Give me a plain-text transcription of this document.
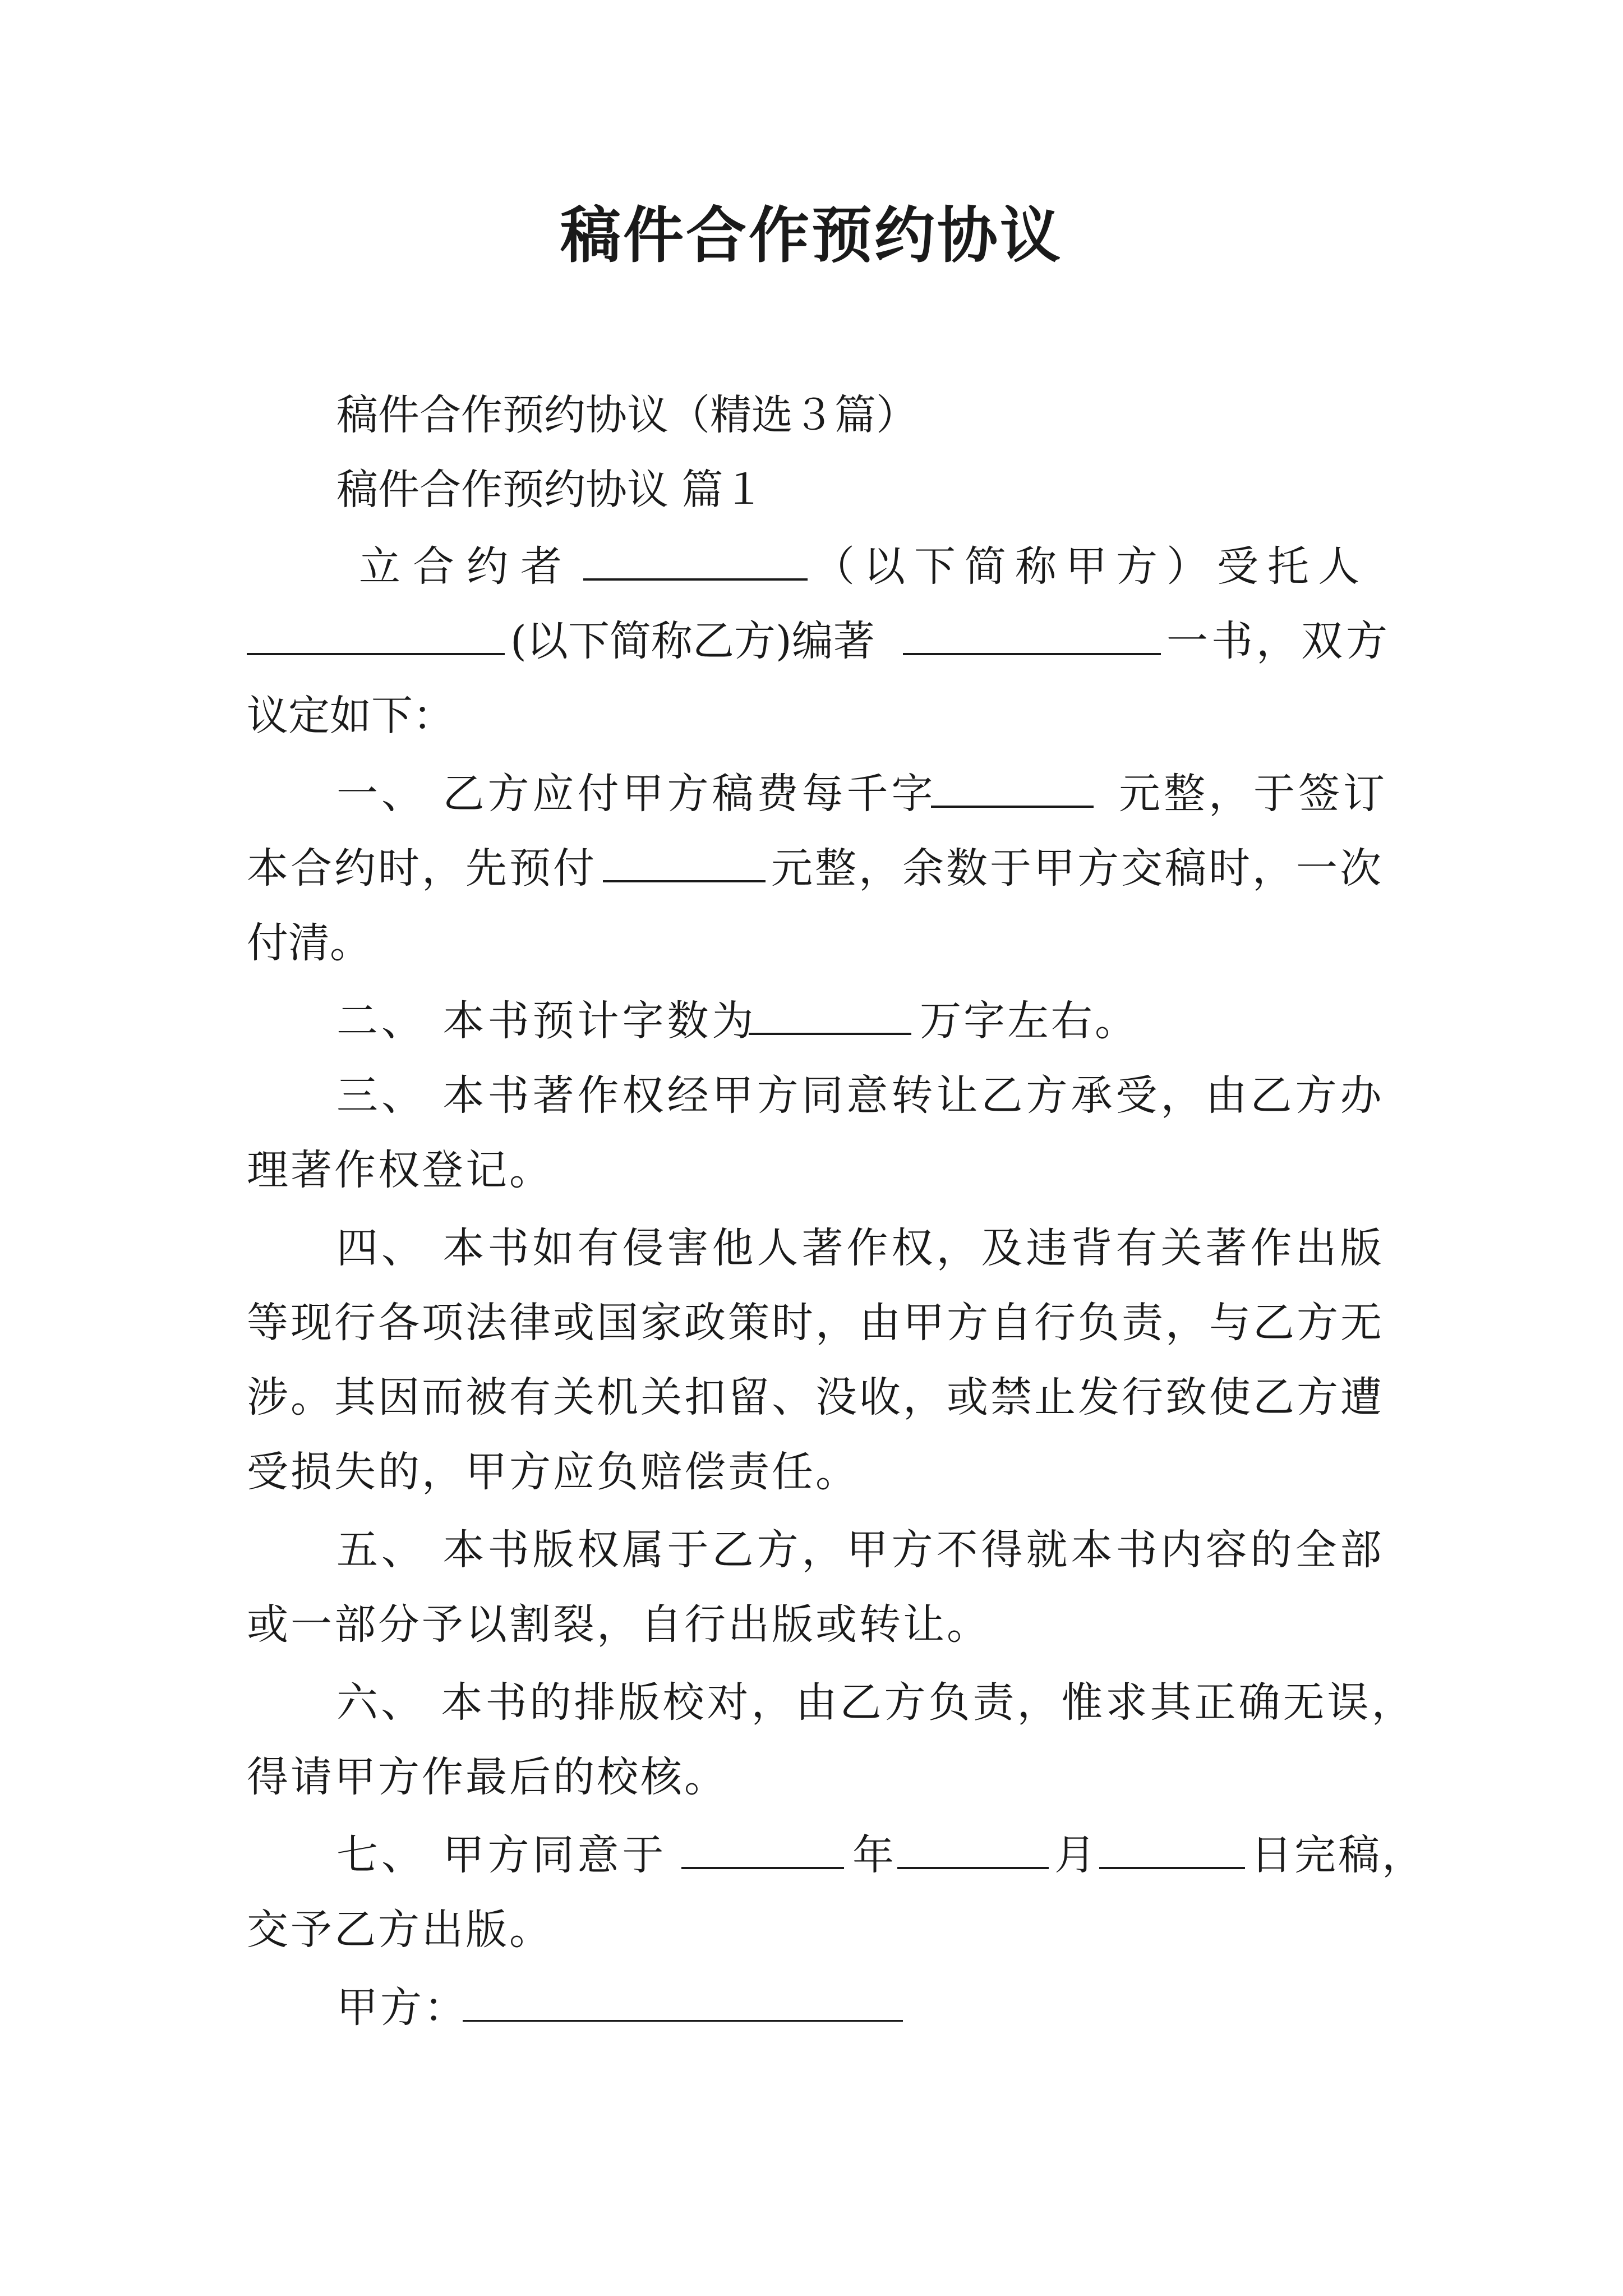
稿件合作预约协议
稿件合作预约协议（精选３篇）
稿件合作预约协议 篇１
立合约者	（以下简称甲方）受托人
(以下简称乙方)编著	一书，双方
议定如下：
一、 乙方应付甲方稿费每千字	元整，于签订
本合约时，先预付	元整，余数于甲方交稿时，一次
付清。
二、 本书预计字数为	万字左右。
三、 本书著作权经甲方同意转让乙方承受，由乙方办
理著作权登记。
四、 本书如有侵害他人著作权，及违背有关著作出版
等现行各项法律或国家政策时，由甲方自行负责，与乙方无
涉。其因而被有关机关扣留、没收，或禁止发行致使乙方遭
受损失的，甲方应负赔偿责任。
五、 本书版权属于乙方，甲方不得就本书内容的全部
或一部分予以割裂，自行出版或转让。
六、 本书的排版校对，由乙方负责，惟求其正确无误，
得请甲方作最后的校核。
七、 甲方同意于	年	月	日完稿，
交予乙方出版。
甲方：
